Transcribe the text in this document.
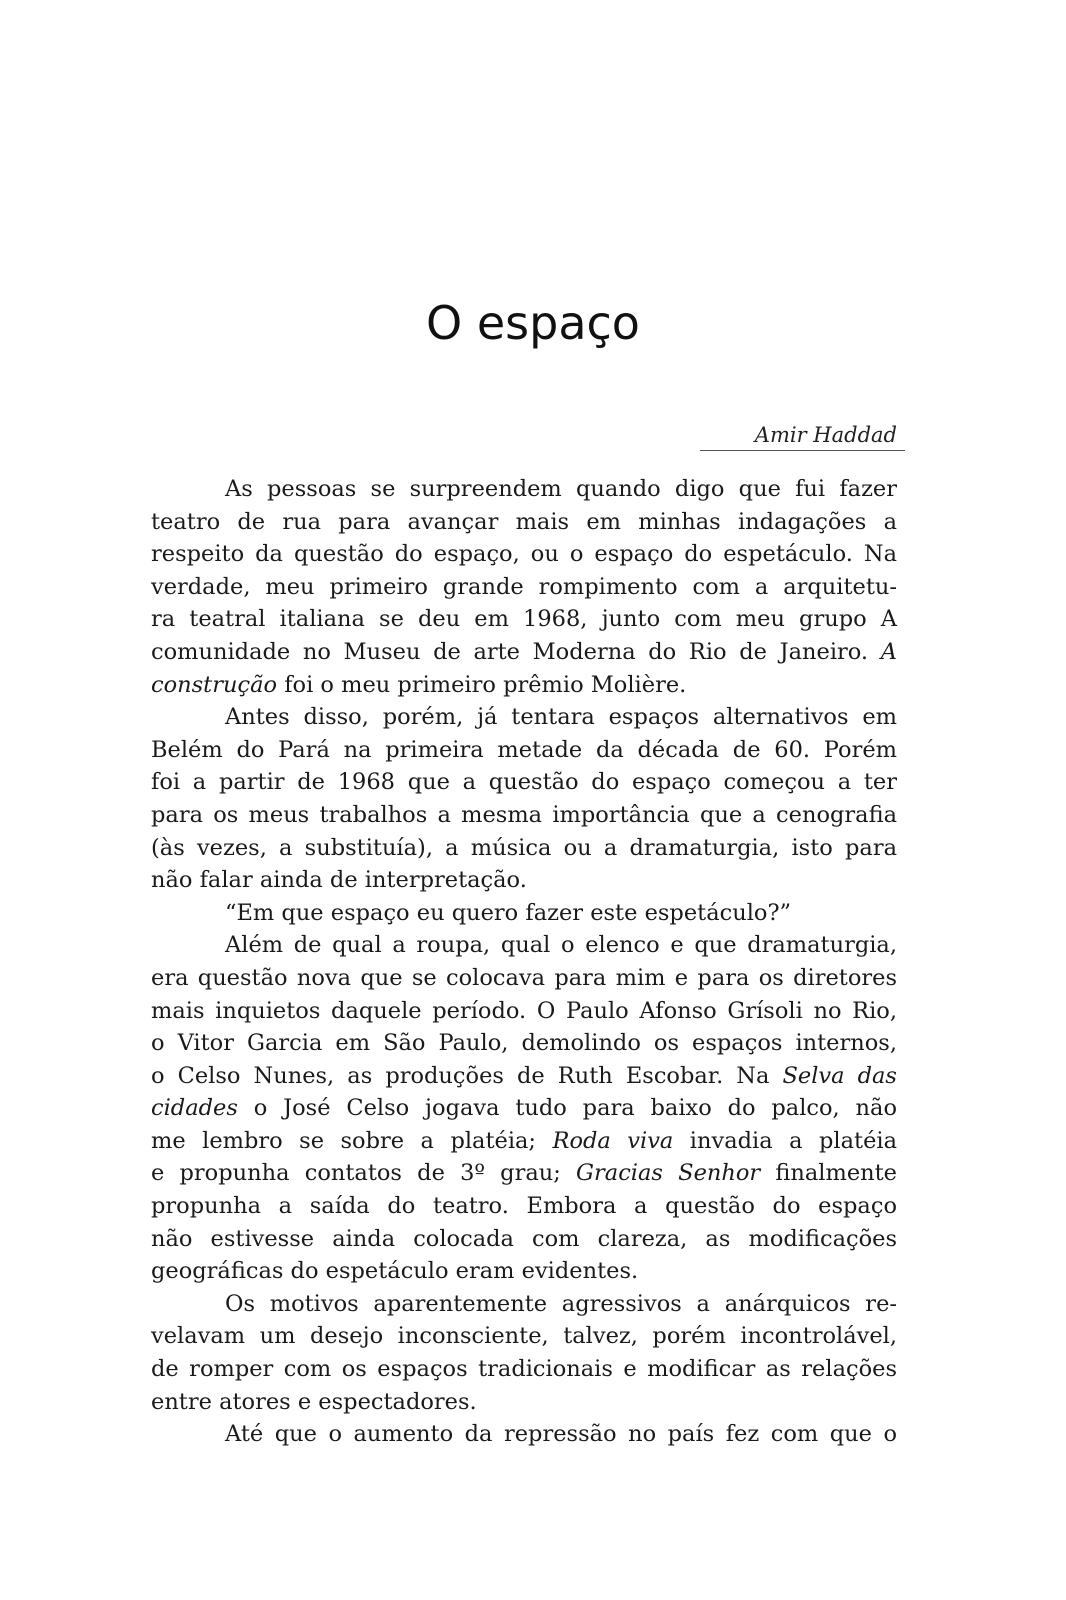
O espaço
Amir Haddad
As pessoas se surpreendem quando digo que fui fazer
teatro de rua para avançar mais em minhas indagações a
respeito da questão do espaço, ou o espaço do espetáculo. Na
verdade, meu primeiro grande rompimento com a arquitetu-
ra teatral italiana se deu em 1968, junto com meu grupo A
comunidade no Museu de arte Moderna do Rio de Janeiro. A
construção foi o meu primeiro prêmio Molière.
Antes disso, porém, já tentara espaços alternativos em
Belém do Pará na primeira metade da década de 60. Porém
foi a partir de 1968 que a questão do espaço começou a ter
para os meus trabalhos a mesma importância que a cenografia
(às vezes, a substituía), a música ou a dramaturgia, isto para
não falar ainda de interpretação.
“Em que espaço eu quero fazer este espetáculo?”
Além de qual a roupa, qual o elenco e que dramaturgia,
era questão nova que se colocava para mim e para os diretores
mais inquietos daquele período. O Paulo Afonso Grísoli no Rio,
o Vitor Garcia em São Paulo, demolindo os espaços internos,
o Celso Nunes, as produções de Ruth Escobar. Na Selva das
cidades o José Celso jogava tudo para baixo do palco, não
me lembro se sobre a platéia; Roda viva invadia a platéia
e propunha contatos de 3º grau; Gracias Senhor finalmente
propunha a saída do teatro. Embora a questão do espaço
não estivesse ainda colocada com clareza, as modificações
geográficas do espetáculo eram evidentes.
Os motivos aparentemente agressivos a anárquicos re-
velavam um desejo inconsciente, talvez, porém incontrolável,
de romper com os espaços tradicionais e modificar as relações
entre atores e espectadores.
Até que o aumento da repressão no país fez com que o
